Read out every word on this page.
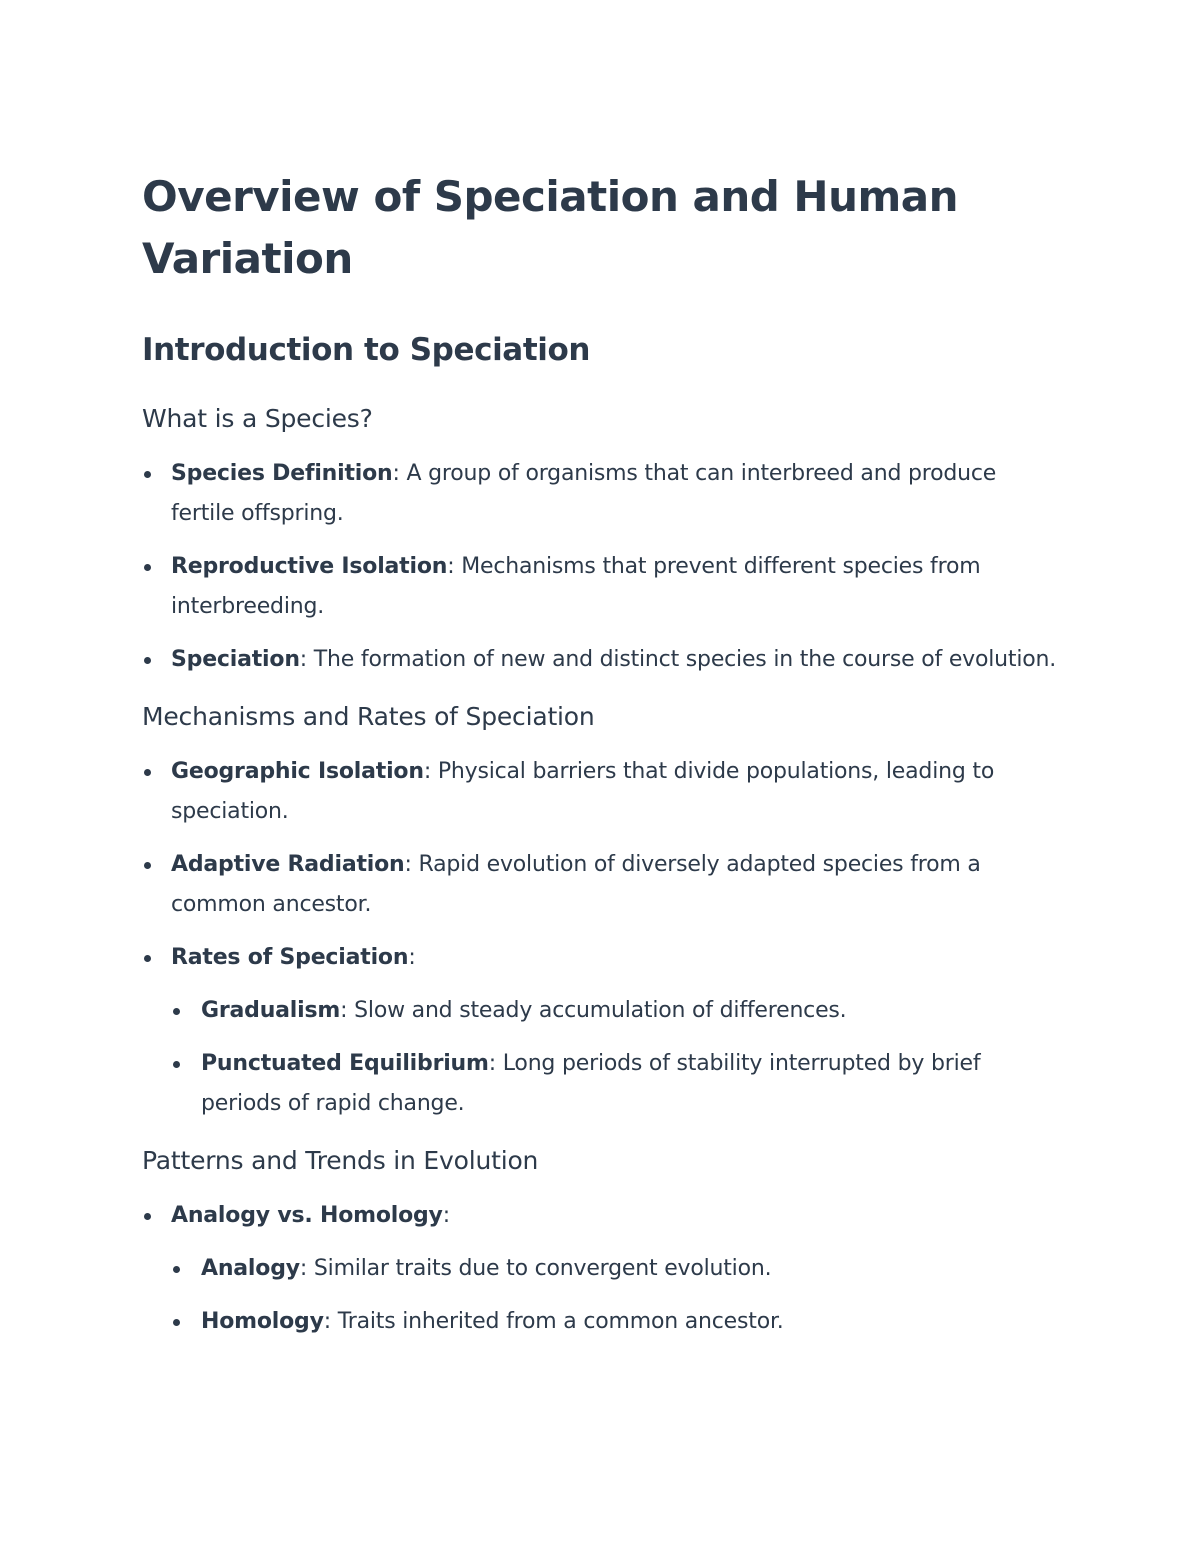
Overview of Speciation and Human Variation
Introduction to Speciation
What is a Species?
Species Definition: A group of organisms that can interbreed and produce fertile offspring.
Reproductive Isolation: Mechanisms that prevent different species from interbreeding.
Speciation: The formation of new and distinct species in the course of evolution.
Mechanisms and Rates of Speciation
Geographic Isolation: Physical barriers that divide populations, leading to speciation.
Adaptive Radiation: Rapid evolution of diversely adapted species from a common ancestor.
Rates of Speciation:
Gradualism: Slow and steady accumulation of differences.
Punctuated Equilibrium: Long periods of stability interrupted by brief periods of rapid change.
Patterns and Trends in Evolution
Analogy vs. Homology:
Analogy: Similar traits due to convergent evolution.
Homology: Traits inherited from a common ancestor.
